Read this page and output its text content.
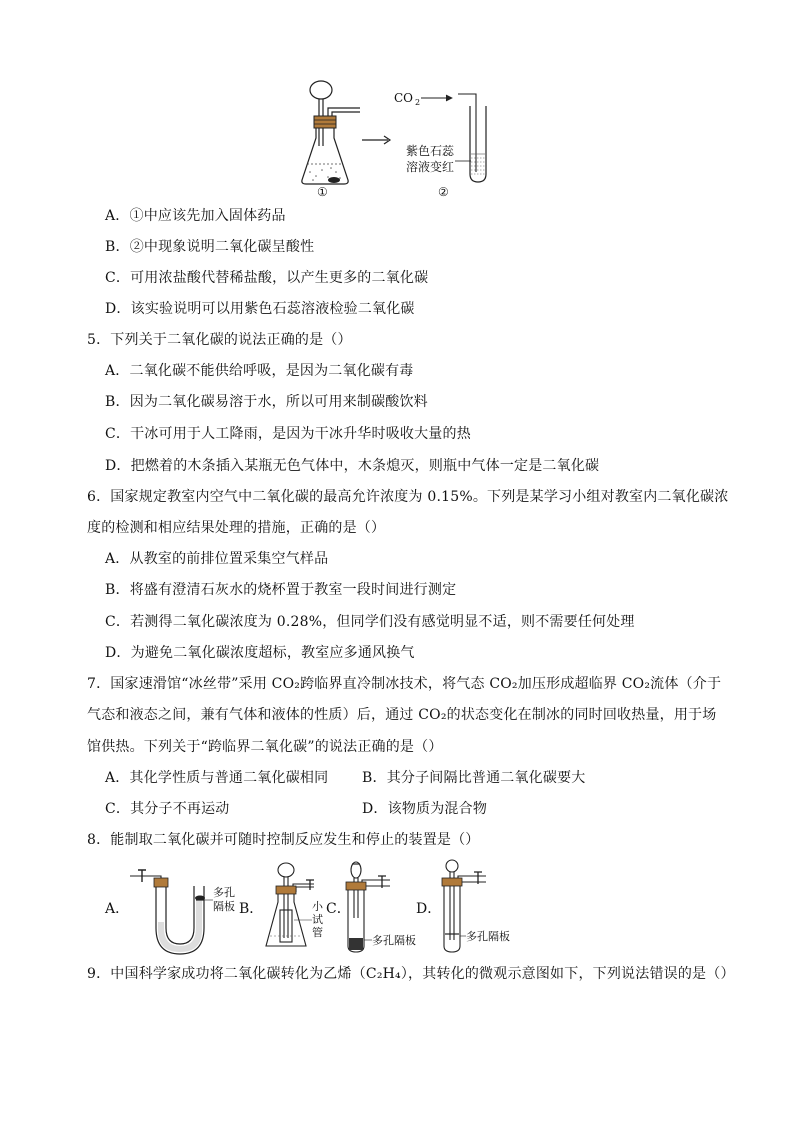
CO 2
紫色石蕊
溶液变红
①	②
A．①中应该先加入固体药品
B．②中现象说明二氧化碳呈酸性
C．可用浓盐酸代替稀盐酸，以产生更多的二氧化碳
D．该实验说明可以用紫色石蕊溶液检验二氧化碳
5．下列关于二氧化碳的说法正确的是（）
A．二氧化碳不能供给呼吸，是因为二氧化碳有毒
B．因为二氧化碳易溶于水，所以可用来制碳酸饮料
C．干冰可用于人工降雨，是因为干冰升华时吸收大量的热
D．把燃着的木条插入某瓶无色气体中，木条熄灭，则瓶中气体一定是二氧化碳
6．国家规定教室内空气中二氧化碳的最高允许浓度为 0.15%。下列是某学习小组对教室内二氧化碳浓
度的检测和相应结果处理的措施，正确的是（）
A．从教室的前排位置采集空气样品
B．将盛有澄清石灰水的烧杯置于教室一段时间进行测定
C．若测得二氧化碳浓度为 0.28%，但同学们没有感觉明显不适，则不需要任何处理
D．为避免二氧化碳浓度超标，教室应多通风换气
7．国家速滑馆“冰丝带”采用 CO₂跨临界直冷制冰技术，将气态 CO₂加压形成超临界 CO₂流体（介于
气态和液态之间，兼有气体和液体的性质）后，通过 CO₂的状态变化在制冰的同时回收热量，用于场
馆供热。下列关于“跨临界二氧化碳”的说法正确的是（）
A．其化学性质与普通二氧化碳相同 B．其分子间隔比普通二氧化碳要大
C．其分子不再运动	D．该物质为混合物
8．能制取二氧化碳并可随时控制反应发生和停止的装置是（）
A．
多孔
隔板 B．	小
试
管
C．
多孔隔板
D．
多孔隔板
9．中国科学家成功将二氧化碳转化为乙烯（C₂H₄），其转化的微观示意图如下，下列说法错误的是（）
